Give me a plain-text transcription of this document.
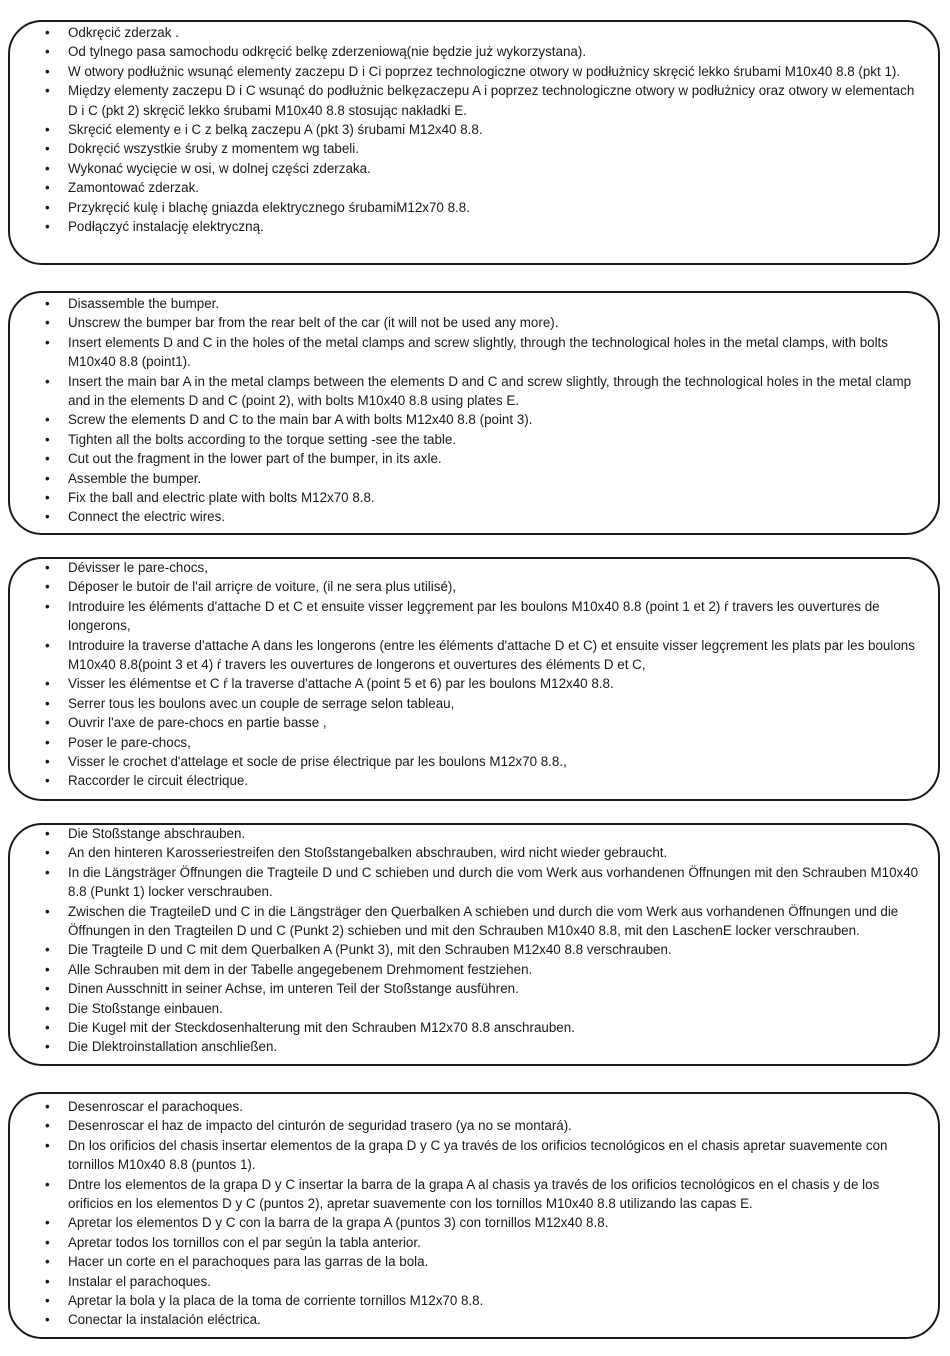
• Odkręcić zderzak .
• Od tylnego pasa samochodu odkręcić belkę zderzeniową(nie będzie już wykorzystana).
• W otwory podłużnic wsunąć elementy zaczepu D i Ci poprzez technologiczne otwory w podłużnicy skręcić lekko śrubami M10x40 8.8 (pkt 1).
• Między elementy zaczepu D i C wsunąć do podłużnic belkęzaczepu A i poprzez technologiczne otwory w podłużnicy oraz otwory w elementach D i C (pkt 2) skręcić lekko śrubami M10x40 8.8 stosując nakładki E.
• Skręcić elementy e i C z belką zaczepu A (pkt 3) śrubami M12x40 8.8.
• Dokręcić wszystkie śruby z momentem wg tabeli.
• Wykonać wycięcie w osi, w dolnej części zderzaka.
• Zamontować zderzak.
• Przykręcić kulę i blachę gniazda elektrycznego śrubamiM12x70 8.8.
• Podłączyć instalację elektryczną.
• Disassemble the bumper.
• Unscrew the bumper bar from the rear belt of the car (it will not be used any more).
• Insert elements D and C in the holes of the metal clamps and screw slightly, through the technological holes in the metal clamps, with bolts M10x40 8.8 (point1).
• Insert the main bar A in the metal clamps between the elements D and C and screw slightly, through the technological holes in the metal clamp and in the elements D and C (point 2), with bolts M10x40 8.8 using plates E.
• Screw the elements D and C to the main bar A with bolts M12x40 8.8 (point 3).
• Tighten all the bolts according to the torque setting -see the table.
• Cut out the fragment in the lower part of the bumper, in its axle.
• Assemble the bumper.
• Fix the ball and electric plate with bolts M12x70 8.8.
• Connect the electric wires.
• Dévisser le pare-chocs,
• Déposer le butoir de l'ail arriçre de voiture, (il ne sera plus utilisé),
• Introduire les éléments d'attache D et C et ensuite visser legçrement par les boulons M10x40 8.8 (point 1 et 2) ŕ travers les ouvertures de longerons,
• Introduire la traverse d'attache A dans les longerons (entre les éléments d'attache D et C) et ensuite visser legçrement les plats par les boulons M10x40 8.8(point 3 et 4) ŕ travers les ouvertures de longerons et ouvertures des éléments D et C,
• Visser les élémentse et C ŕ la traverse d'attache A (point 5 et 6) par les boulons M12x40 8.8.
• Serrer tous les boulons avec un couple de serrage selon tableau,
• Ouvrir l'axe de pare-chocs en partie basse ,
• Poser le pare-chocs,
• Visser le crochet d'attelage et socle de prise électrique par les boulons M12x70 8.8.,
• Raccorder le circuit électrique.
• Die Stoßstange abschrauben.
• An den hinteren Karosseriestreifen den Stoßstangebalken abschrauben, wird nicht wieder gebraucht.
• In die Längsträger Öffnungen die Tragteile D und C schieben und durch die vom Werk aus vorhandenen Öffnungen mit den Schrauben M10x40 8.8 (Punkt 1) locker verschrauben.
• Zwischen die TragteileD und C in die Längsträger den Querbalken A schieben und durch die vom Werk aus vorhandenen Öffnungen und die Öffnungen in den Tragteilen D und C (Punkt 2) schieben und mit den Schrauben M10x40 8.8, mit den LaschenE locker verschrauben.
• Die Tragteile D und C mit dem Querbalken A (Punkt 3), mit den Schrauben M12x40 8.8 verschrauben.
• Alle Schrauben mit dem in der Tabelle angegebenem Drehmoment festziehen.
• Dinen Ausschnitt in seiner Achse, im unteren Teil der Stoßstange ausführen.
• Die Stoßstange einbauen.
• Die Kugel mit der Steckdosenhalterung mit den Schrauben M12x70 8.8 anschrauben.
• Die Dlektroinstallation anschließen.
• Desenroscar el parachoques.
• Desenroscar el haz de impacto del cinturón de seguridad trasero (ya no se montará).
• Dn los orificios del chasis insertar elementos de la grapa D y C ya través de los orificios tecnológicos en el chasis apretar suavemente con tornillos M10x40 8.8 (puntos 1).
• Dntre los elementos de la grapa D y C insertar la barra de la grapa A al chasis ya través de los orificios tecnológicos en el chasis y de los orificios en los elementos D y C (puntos 2), apretar suavemente con los tornillos M10x40 8.8 utilizando las capas E.
• Apretar los elementos D y C con la barra de la grapa A (puntos 3) con tornillos M12x40 8.8.
• Apretar todos los tornillos con el par según la tabla anterior.
• Hacer un corte en el parachoques para las garras de la bola.
• Instalar el parachoques.
• Apretar la bola y la placa de la toma de corriente tornillos M12x70 8.8.
• Conectar la instalación eléctrica.
